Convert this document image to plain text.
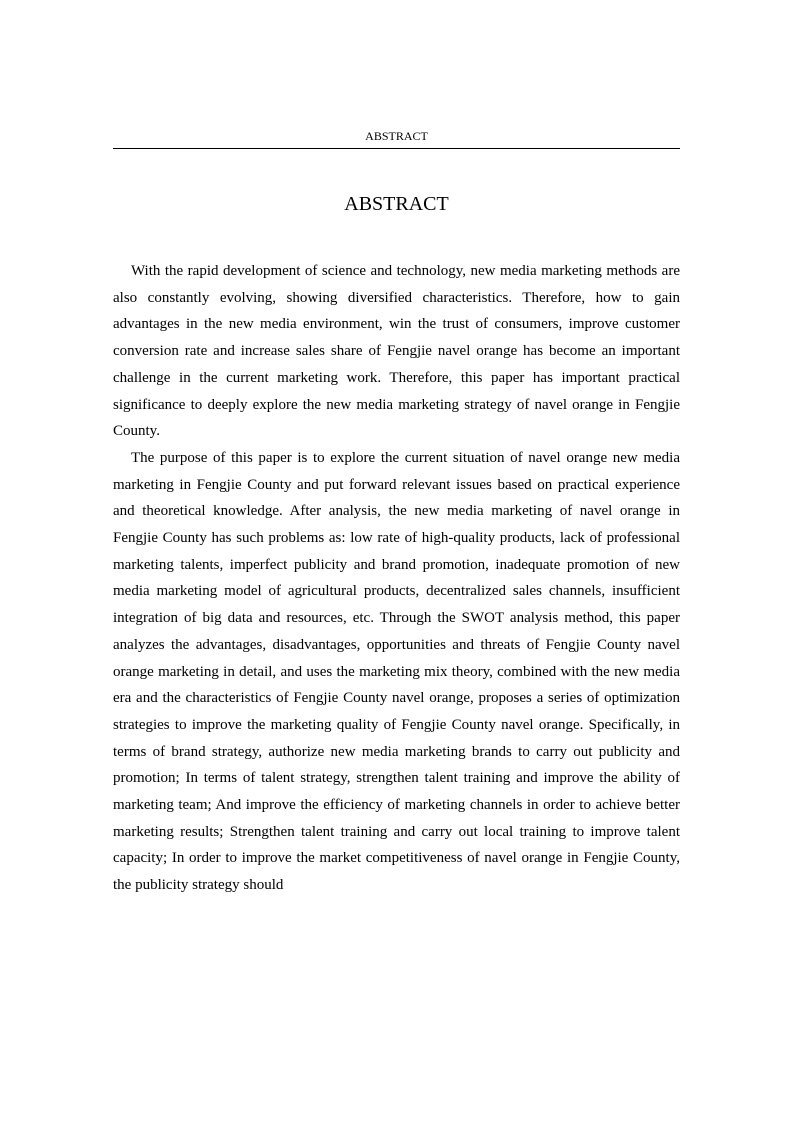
ABSTRACT
ABSTRACT

With the rapid development of science and technology, new media marketing methods are also constantly evolving, showing diversified characteristics. Therefore, how to gain advantages in the new media environment, win the trust of consumers, improve customer conversion rate and increase sales share of Fengjie navel orange has become an important challenge in the current marketing work. Therefore, this paper has important practical significance to deeply explore the new media marketing strategy of navel orange in Fengjie County.

The purpose of this paper is to explore the current situation of navel orange new media marketing in Fengjie County and put forward relevant issues based on practical experience and theoretical knowledge. After analysis, the new media marketing of navel orange in Fengjie County has such problems as: low rate of high-quality products, lack of professional marketing talents, imperfect publicity and brand promotion, inadequate promotion of new media marketing model of agricultural products, decentralized sales channels, insufficient integration of big data and resources, etc. Through the SWOT analysis method, this paper analyzes the advantages, disadvantages, opportunities and threats of Fengjie County navel orange marketing in detail, and uses the marketing mix theory, combined with the new media era and the characteristics of Fengjie County navel orange, proposes a series of optimization strategies to improve the marketing quality of Fengjie County navel orange. Specifically, in terms of brand strategy, authorize new media marketing brands to carry out publicity and promotion; In terms of talent strategy, strengthen talent training and improve the ability of marketing team; And improve the efficiency of marketing channels in order to achieve better marketing results; Strengthen talent training and carry out local training to improve talent capacity; In order to improve the market competitiveness of navel orange in Fengjie County, the publicity strategy should
